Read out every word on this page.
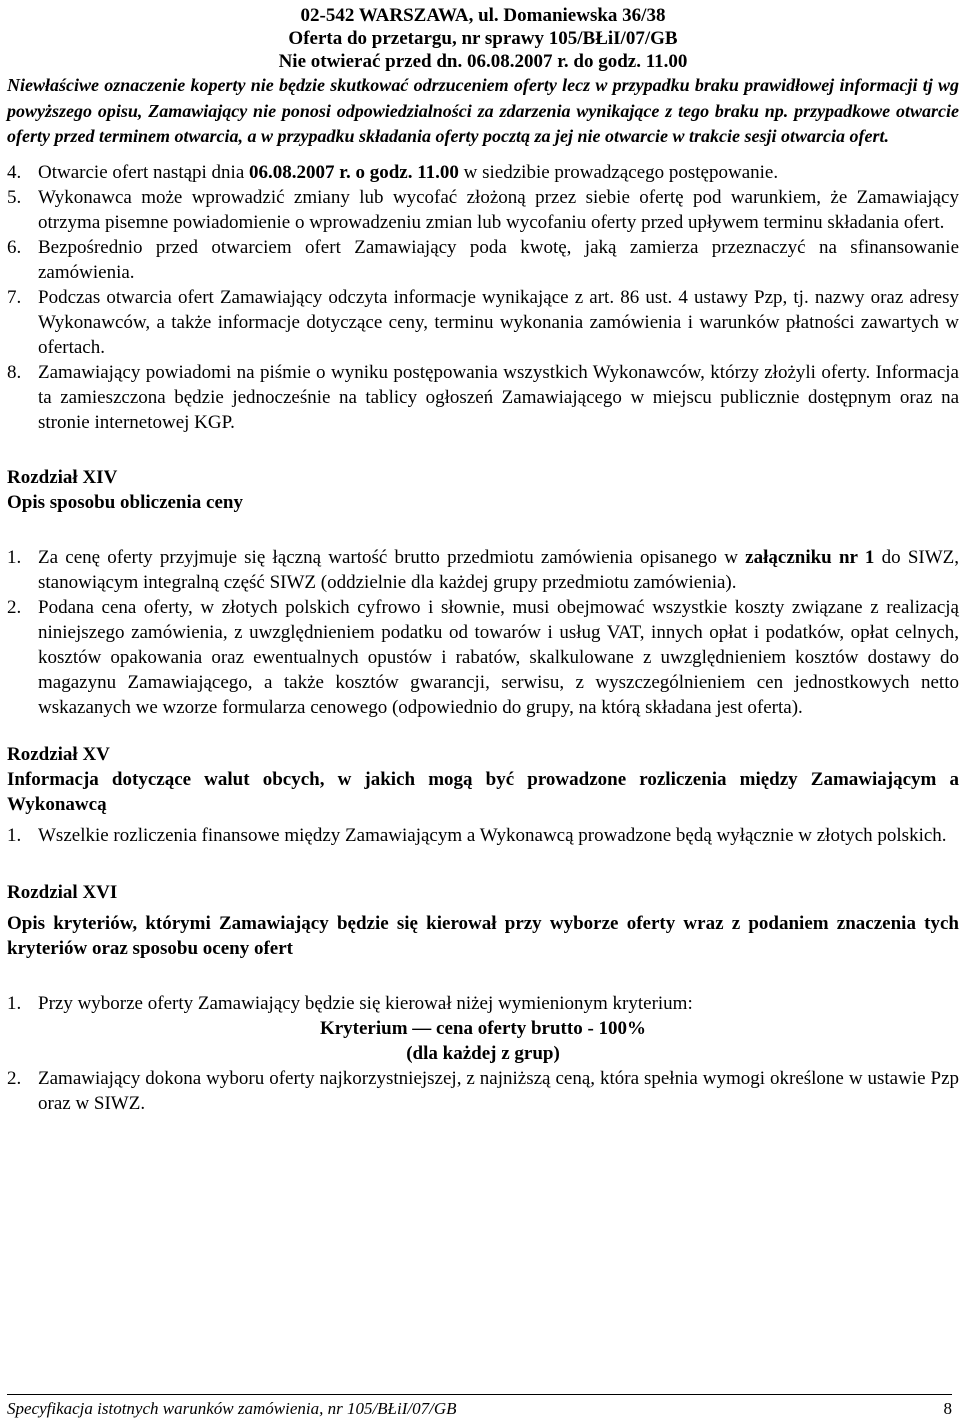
02-542 WARSZAWA, ul. Domaniewska 36/38
Oferta do przetargu, nr sprawy 105/BŁiI/07/GB
Nie otwierać przed dn. 06.08.2007 r. do godz. 11.00

Niewłaściwe oznaczenie koperty nie będzie skutkować odrzuceniem oferty lecz w przypadku braku prawidłowej informacji tj wg powyższego opisu, Zamawiający nie ponosi odpowiedzialności za zdarzenia wynikające z tego braku np. przypadkowe otwarcie oferty przed terminem otwarcia, a w przypadku składania oferty pocztą za jej nie otwarcie w trakcie sesji otwarcia ofert.

4. Otwarcie ofert nastąpi dnia 06.08.2007 r. o godz. 11.00 w siedzibie prowadzącego postępowanie.
5. Wykonawca może wprowadzić zmiany lub wycofać złożoną przez siebie ofertę pod warunkiem, że Zamawiający otrzyma pisemne powiadomienie o wprowadzeniu zmian lub wycofaniu oferty przed upływem terminu składania ofert.
6. Bezpośrednio przed otwarciem ofert Zamawiający poda kwotę, jaką zamierza przeznaczyć na sfinansowanie zamówienia.
7. Podczas otwarcia ofert Zamawiający odczyta informacje wynikające z art. 86 ust. 4 ustawy Pzp, tj. nazwy oraz adresy Wykonawców, a także informacje dotyczące ceny, terminu wykonania zamówienia i warunków płatności zawartych w ofertach.
8. Zamawiający powiadomi na piśmie o wyniku postępowania wszystkich Wykonawców, którzy złożyli oferty. Informacja ta zamieszczona będzie jednocześnie na tablicy ogłoszeń Zamawiającego w miejscu publicznie dostępnym oraz na stronie internetowej KGP.

Rozdział XIV

Opis sposobu obliczenia ceny

1. Za cenę oferty przyjmuje się łączną wartość brutto przedmiotu zamówienia opisanego w załączniku nr 1 do SIWZ, stanowiącym integralną część SIWZ (oddzielnie dla każdej grupy przedmiotu zamówienia).
2. Podana cena oferty, w złotych polskich cyfrowo i słownie, musi obejmować wszystkie koszty związane z realizacją niniejszego zamówienia, z uwzględnieniem podatku od towarów i usług VAT, innych opłat i podatków, opłat celnych, kosztów opakowania oraz ewentualnych opustów i rabatów, skalkulowane z uwzględnieniem kosztów dostawy do magazynu Zamawiającego, a także kosztów gwarancji, serwisu, z wyszczególnieniem cen jednostkowych netto wskazanych we wzorze formularza cenowego (odpowiednio do grupy, na którą składana jest oferta).

Rozdział XV

Informacja dotyczące walut obcych, w jakich mogą być prowadzone rozliczenia między Zamawiającym a Wykonawcą

1. Wszelkie rozliczenia finansowe między Zamawiającym a Wykonawcą prowadzone będą wyłącznie w złotych polskich.

Rozdzial XVI

Opis kryteriów, którymi Zamawiający będzie się kierował przy wyborze oferty wraz z podaniem znaczenia tych kryteriów oraz sposobu oceny ofert

1. Przy wyborze oferty Zamawiający będzie się kierował niżej wymienionym kryterium:
Kryterium — cena oferty brutto - 100%
(dla każdej z grup)
2. Zamawiający dokona wyboru oferty najkorzystniejszej, z najniższą ceną, która spełnia wymogi określone w ustawie Pzp oraz w SIWZ.
Specyfikacja istotnych warunków zamówienia, nr 105/BŁiI/07/GB	8
